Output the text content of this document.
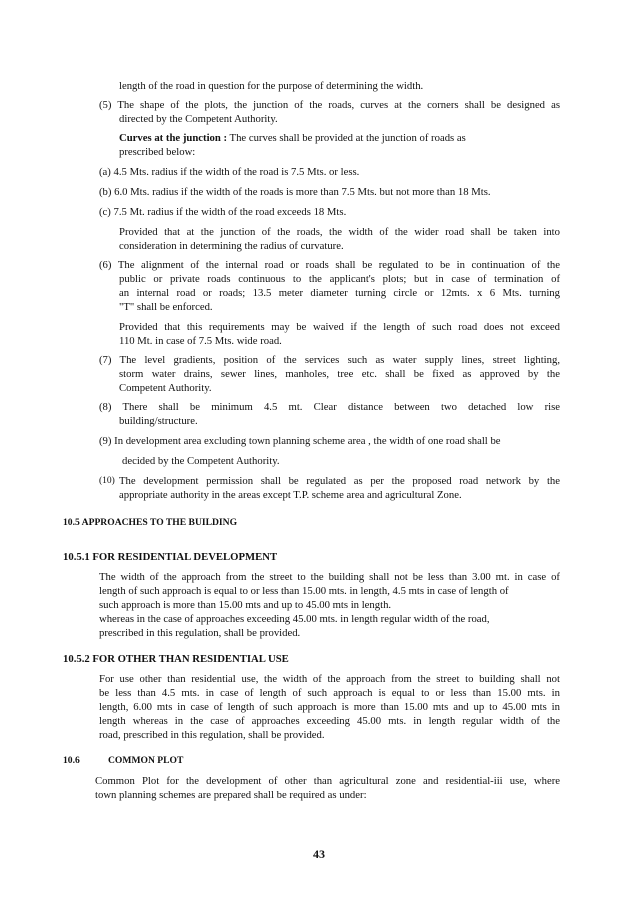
length of the road in question for the purpose of determining the width.
(5) The shape of the plots, the junction of the roads, curves at the corners shall be designed as
directed by the Competent Authority.
Curves at the junction : The curves shall be provided at the junction of roads as
prescribed below:
(a) 4.5 Mts. radius if the width of the road is 7.5 Mts. or less.
(b) 6.0 Mts. radius if the width of the roads is more than 7.5 Mts. but not more than 18 Mts.
(c) 7.5 Mt. radius if the width of the road exceeds 18 Mts.
Provided that at the junction of the roads, the width of the wider road shall be taken into
consideration in determining the radius of curvature.
(6) The alignment of the internal road or roads shall be regulated to be in continuation of the
public or private roads continuous to the applicant's plots; but in case of termination of
an internal road or roads; 13.5 meter diameter turning circle or 12mts. x 6 Mts. turning
"T" shall be enforced.
Provided that this requirements may be waived if the length of such road does not exceed
110 Mt. in case of 7.5 Mts. wide road.
(7) The level gradients, position of the services such as water supply lines, street lighting,
storm water drains, sewer lines, manholes, tree etc. shall be fixed as approved by the
Competent Authority.
(8) There shall be minimum 4.5 mt. Clear distance between two detached low rise
building/structure.
(9) In development area excluding town planning scheme area , the width of one road shall be
decided by the Competent Authority.
(10) The development permission shall be regulated as per the proposed road network by the
appropriate authority in the areas except T.P. scheme area and agricultural Zone.
10.5 APPROACHES TO THE BUILDING
10.5.1 FOR RESIDENTIAL DEVELOPMENT
The width of the approach from the street to the building shall not be less than 3.00 mt. in case of
length of such approach is equal to or less than 15.00 mts. in length, 4.5 mts in case of length of
such approach is more than 15.00 mts and up to 45.00 mts in length.
whereas in the case of approaches exceeding 45.00 mts. in length regular width of the road,
prescribed in this regulation, shall be provided.
10.5.2 FOR OTHER THAN RESIDENTIAL USE
For use other than residential use, the width of the approach from the street to building shall not
be less than 4.5 mts. in case of length of such approach is equal to or less than 15.00 mts. in
length, 6.00 mts in case of length of such approach is more than 15.00 mts and up to 45.00 mts in
length whereas in the case of approaches exceeding 45.00 mts. in length regular width of the
road, prescribed in this regulation, shall be provided.
10.6	COMMON PLOT
Common Plot for the development of other than agricultural zone and residential-iii use, where
town planning schemes are prepared shall be required as under:
43
